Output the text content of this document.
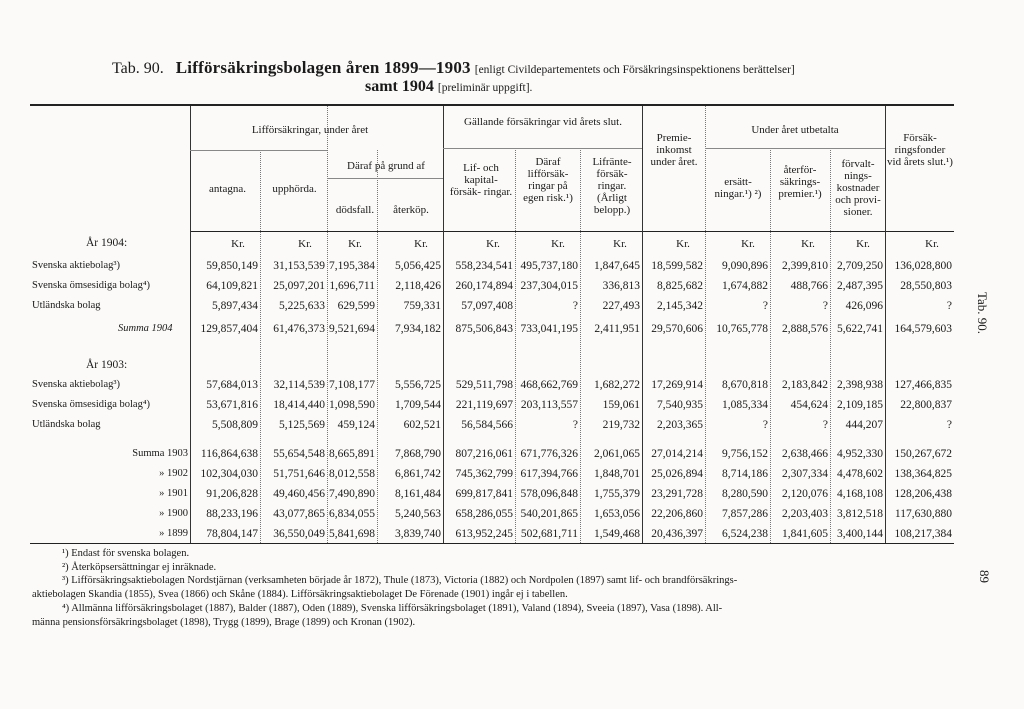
Tab. 90. Lifförsäkringsbolagen åren 1899—1903 [enligt Civildepartementets och Försäkringsinspektionens berättelser]
samt 1904 [preliminär uppgift].
Lifförsäkringar, under året
antagna.	upphörda.
Däraf på grund af
dödsfall.	återköp.
Gällande försäkringar vid årets slut.
Lif- och kapital- försäk- ringar.
Däraf lifförsäk- ringar på egen risk.¹)
Lifränte- försäk- ringar. (Årligt belopp.)
Premie- inkomst under året.
Under året utbetalta
ersätt- ningar.¹) ²)
återför- säkrings- premier.¹)
förvalt- nings- kostnader och provi- sioner.
Försäk- ringsfonder vid årets slut.¹)
År 1904:	Kr.	Kr.	Kr.	Kr.	Kr.	Kr.	Kr.	Kr.	Kr.	Kr.	Kr.	Kr.
Svenska aktiebolag³)	59,850,149	31,153,539 7,195,384	5,056,425	558,234,541 495,737,180	1,847,645 18,599,582	9,090,896	2,399,810 2,709,250	136,028,800
Svenska ömsesidiga bolag⁴)	64,109,821	25,097,201 1,696,711	2,118,426	260,174,894 237,304,015	336,813	8,825,682	1,674,882	488,766 2,487,395	28,550,803
Utländska bolag	5,897,434	5,225,633	629,599	759,331	57,097,408	?	227,493	2,145,342	?	?	426,096	?
Summa 1904	129,857,404	61,476,373 9,521,694	7,934,182	875,506,843 733,041,195	2,411,951 29,570,606	10,765,778	2,888,576 5,622,741	164,579,603
År 1903:
Svenska aktiebolag³)	57,684,013	32,114,539 7,108,177	5,556,725	529,511,798 468,662,769	1,682,272 17,269,914	8,670,818	2,183,842 2,398,938	127,466,835
Svenska ömsesidiga bolag⁴)	53,671,816	18,414,440 1,098,590	1,709,544	221,119,697 203,113,557	159,061	7,540,935	1,085,334	454,624 2,109,185	22,800,837
Utländska bolag	5,508,809	5,125,569	459,124	602,521	56,584,566	?	219,732	2,203,365	?	?	444,207	?
Summa 1903	116,864,638	55,654,548 8,665,891	7,868,790	807,216,061 671,776,326	2,061,065 27,014,214	9,756,152	2,638,466 4,952,330	150,267,672
» 1902	102,304,030	51,751,646 8,012,558	6,861,742	745,362,799 617,394,766	1,848,701 25,026,894	8,714,186	2,307,334 4,478,602	138,364,825
» 1901	91,206,828	49,460,456 7,490,890	8,161,484	699,817,841 578,096,848	1,755,379 23,291,728	8,280,590	2,120,076 4,168,108	128,206,438
» 1900	88,233,196	43,077,865 6,834,055	5,240,563	658,286,055 540,201,865	1,653,056 22,206,860	7,857,286	2,203,403 3,812,518	117,630,880
» 1899	78,804,147	36,550,049 5,841,698	3,839,740	613,952,245 502,681,711	1,549,468 20,436,397	6,524,238	1,841,605 3,400,144	108,217,384
¹) Endast för svenska bolagen.
²) Återköpsersättningar ej inräknade.
³) Lifförsäkringsaktiebolagen Nordstjärnan (verksamheten började år 1872), Thule (1873), Victoria (1882) och Nordpolen (1897) samt lif- och brandförsäkrings-
aktiebolagen Skandia (1855), Svea (1866) och Skåne (1884). Lifförsäkringsaktiebolaget De Förenade (1901) ingår ej i tabellen.
⁴) Allmänna lifförsäkringsbolaget (1887), Balder (1887), Oden (1889), Svenska lifförsäkringsbolaget (1891), Valand (1894), Sveeia (1897), Vasa (1898). All-
männa pensionsförsäkringsbolaget (1898), Trygg (1899), Brage (1899) och Kronan (1902).
Tab. 90.
89
